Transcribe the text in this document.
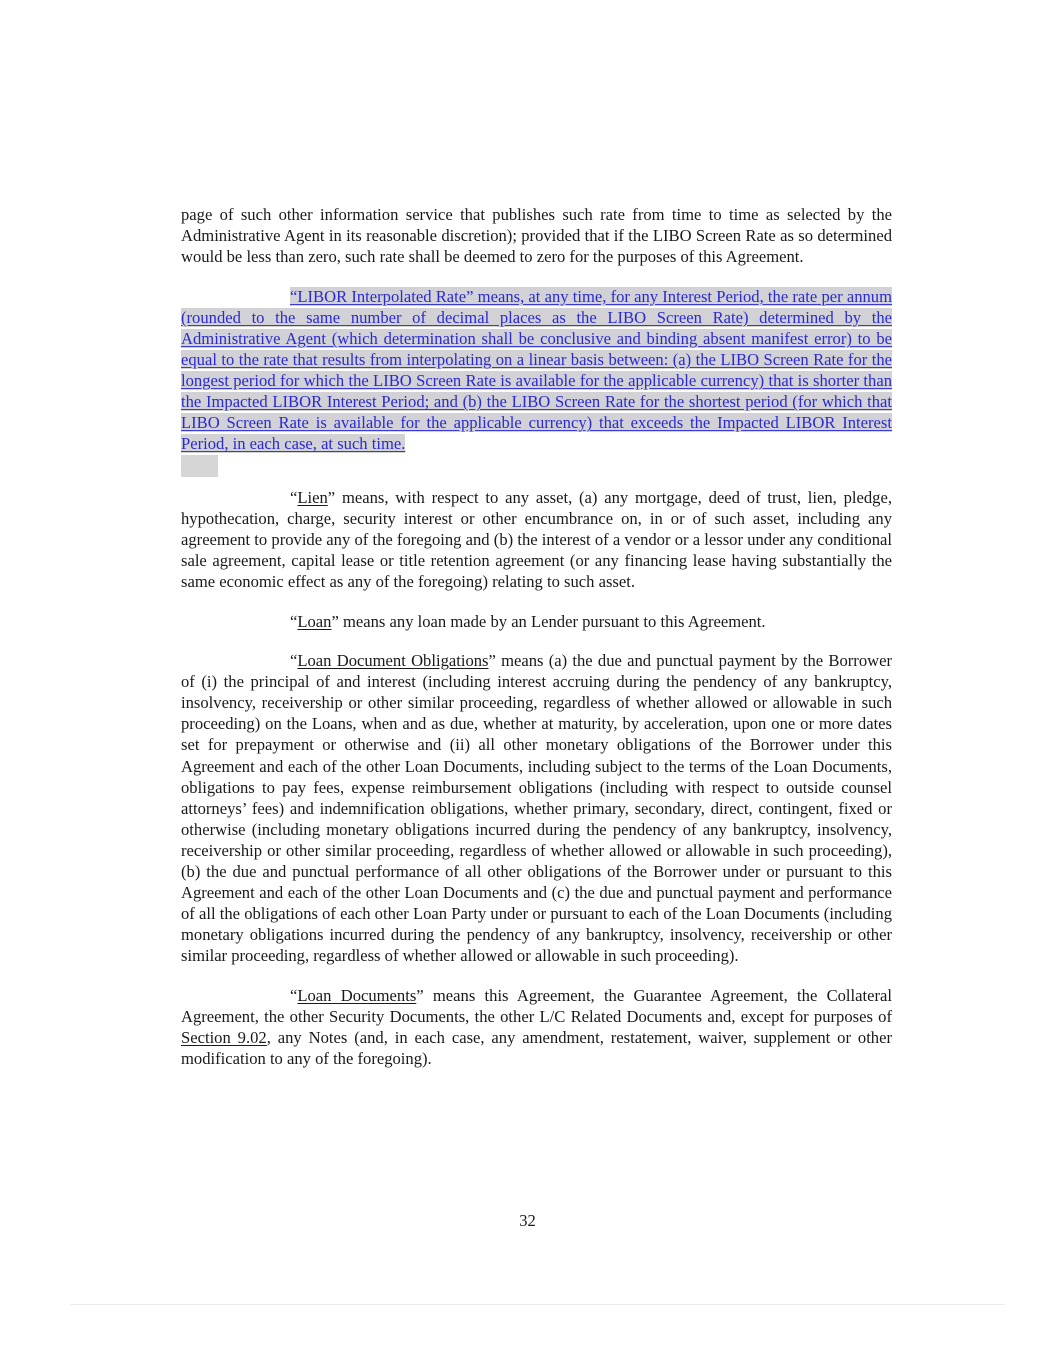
page of such other information service that publishes such rate from time to time as selected by the Administrative Agent in its reasonable discretion); provided that if the LIBO Screen Rate as so determined would be less than zero, such rate shall be deemed to zero for the purposes of this Agreement.

“LIBOR Interpolated Rate” means, at any time, for any Interest Period, the rate per annum (rounded to the same number of decimal places as the LIBO Screen Rate) determined by the Administrative Agent (which determination shall be conclusive and binding absent manifest error) to be equal to the rate that results from interpolating on a linear basis between: (a) the LIBO Screen Rate for the longest period for which the LIBO Screen Rate is available for the applicable currency) that is shorter than the Impacted LIBOR Interest Period; and (b) the LIBO Screen Rate for the shortest period (for which that LIBO Screen Rate is available for the applicable currency) that exceeds the Impacted LIBOR Interest Period, in each case, at such time.

“Lien” means, with respect to any asset, (a) any mortgage, deed of trust, lien, pledge, hypothecation, charge, security interest or other encumbrance on, in or of such asset, including any agreement to provide any of the foregoing and (b) the interest of a vendor or a lessor under any conditional sale agreement, capital lease or title retention agreement (or any financing lease having substantially the same economic effect as any of the foregoing) relating to such asset.

“Loan” means any loan made by an Lender pursuant to this Agreement.

“Loan Document Obligations” means (a) the due and punctual payment by the Borrower of (i) the principal of and interest (including interest accruing during the pendency of any bankruptcy, insolvency, receivership or other similar proceeding, regardless of whether allowed or allowable in such proceeding) on the Loans, when and as due, whether at maturity, by acceleration, upon one or more dates set for prepayment or otherwise and (ii) all other monetary obligations of the Borrower under this Agreement and each of the other Loan Documents, including subject to the terms of the Loan Documents, obligations to pay fees, expense reimbursement obligations (including with respect to outside counsel attorneys’ fees) and indemnification obligations, whether primary, secondary, direct, contingent, fixed or otherwise (including monetary obligations incurred during the pendency of any bankruptcy, insolvency, receivership or other similar proceeding, regardless of whether allowed or allowable in such proceeding), (b) the due and punctual performance of all other obligations of the Borrower under or pursuant to this Agreement and each of the other Loan Documents and (c) the due and punctual payment and performance of all the obligations of each other Loan Party under or pursuant to each of the Loan Documents (including monetary obligations incurred during the pendency of any bankruptcy, insolvency, receivership or other similar proceeding, regardless of whether allowed or allowable in such proceeding).

“Loan Documents” means this Agreement, the Guarantee Agreement, the Collateral Agreement, the other Security Documents, the other L/C Related Documents and, except for purposes of Section 9.02, any Notes (and, in each case, any amendment, restatement, waiver, supplement or other modification to any of the foregoing).

32
